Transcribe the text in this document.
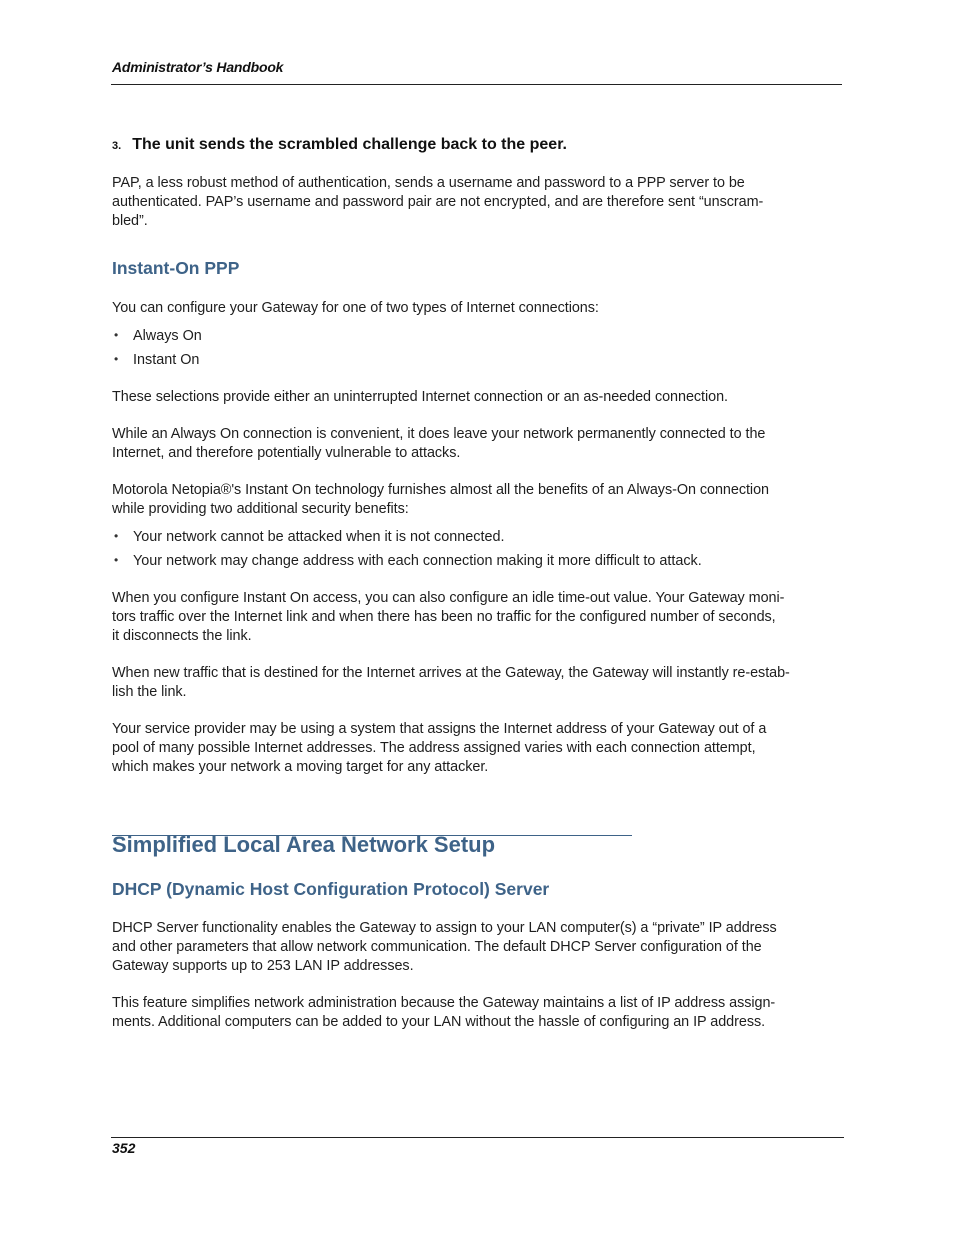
Administrator’s Handbook
3. The unit sends the scrambled challenge back to the peer.

PAP, a less robust method of authentication, sends a username and password to a PPP server to be
authenticated. PAP’s username and password pair are not encrypted, and are therefore sent “unscram-
bled”.

Instant-On PPP

You can configure your Gateway for one of two types of Internet connections:

• Always On
• Instant On

These selections provide either an uninterrupted Internet connection or an as-needed connection.

While an Always On connection is convenient, it does leave your network permanently connected to the
Internet, and therefore potentially vulnerable to attacks.

Motorola Netopia®'s Instant On technology furnishes almost all the benefits of an Always-On connection
while providing two additional security benefits:

• Your network cannot be attacked when it is not connected.
• Your network may change address with each connection making it more difficult to attack.

When you configure Instant On access, you can also configure an idle time-out value. Your Gateway moni-
tors traffic over the Internet link and when there has been no traffic for the configured number of seconds,
it disconnects the link.

When new traffic that is destined for the Internet arrives at the Gateway, the Gateway will instantly re-estab-
lish the link.

Your service provider may be using a system that assigns the Internet address of your Gateway out of a
pool of many possible Internet addresses. The address assigned varies with each connection attempt,
which makes your network a moving target for any attacker.

Simplified Local Area Network Setup
DHCP (Dynamic Host Configuration Protocol) Server

DHCP Server functionality enables the Gateway to assign to your LAN computer(s) a “private” IP address
and other parameters that allow network communication. The default DHCP Server configuration of the
Gateway supports up to 253 LAN IP addresses.

This feature simplifies network administration because the Gateway maintains a list of IP address assign-
ments. Additional computers can be added to your LAN without the hassle of configuring an IP address.

352
